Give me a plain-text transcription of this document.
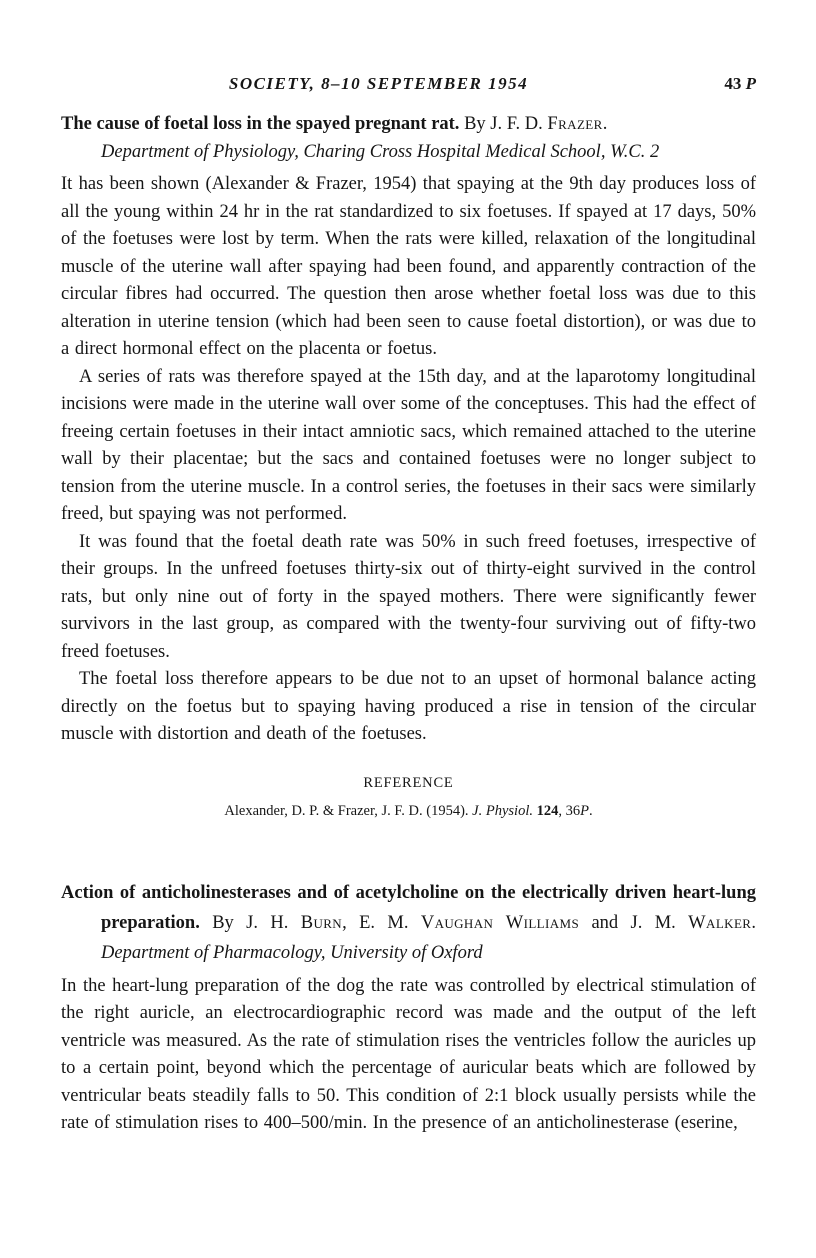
SOCIETY, 8–10 SEPTEMBER 1954	43 P
The cause of foetal loss in the spayed pregnant rat. By J. F. D. Frazer.
Department of Physiology, Charing Cross Hospital Medical School, W.C. 2

It has been shown (Alexander & Frazer, 1954) that spaying at the 9th day produces loss of all the young within 24 hr in the rat standardized to six foetuses. If spayed at 17 days, 50% of the foetuses were lost by term. When the rats were killed, relaxation of the longitudinal muscle of the uterine wall after spaying had been found, and apparently contraction of the circular fibres had occurred. The question then arose whether foetal loss was due to this alteration in uterine tension (which had been seen to cause foetal distortion), or was due to a direct hormonal effect on the placenta or foetus.

A series of rats was therefore spayed at the 15th day, and at the laparotomy longitudinal incisions were made in the uterine wall over some of the conceptuses. This had the effect of freeing certain foetuses in their intact amniotic sacs, which remained attached to the uterine wall by their placentae; but the sacs and contained foetuses were no longer subject to tension from the uterine muscle. In a control series, the foetuses in their sacs were similarly freed, but spaying was not performed.

It was found that the foetal death rate was 50% in such freed foetuses, irrespective of their groups. In the unfreed foetuses thirty-six out of thirty-eight survived in the control rats, but only nine out of forty in the spayed mothers. There were significantly fewer survivors in the last group, as compared with the twenty-four surviving out of fifty-two freed foetuses.

The foetal loss therefore appears to be due not to an upset of hormonal balance acting directly on the foetus but to spaying having produced a rise in tension of the circular muscle with distortion and death of the foetuses.

REFERENCE
Alexander, D. P. & Frazer, J. F. D. (1954). J. Physiol. 124, 36P.
Action of anticholinesterases and of acetylcholine on the electrically driven heart-lung preparation. By J. H. Burn, E. M. Vaughan Williams and J. M. Walker. Department of Pharmacology, University of Oxford

In the heart-lung preparation of the dog the rate was controlled by electrical stimulation of the right auricle, an electrocardiographic record was made and the output of the left ventricle was measured. As the rate of stimulation rises the ventricles follow the auricles up to a certain point, beyond which the percentage of auricular beats which are followed by ventricular beats steadily falls to 50. This condition of 2:1 block usually persists while the rate of stimulation rises to 400–500/min. In the presence of an anticholinesterase (eserine,
